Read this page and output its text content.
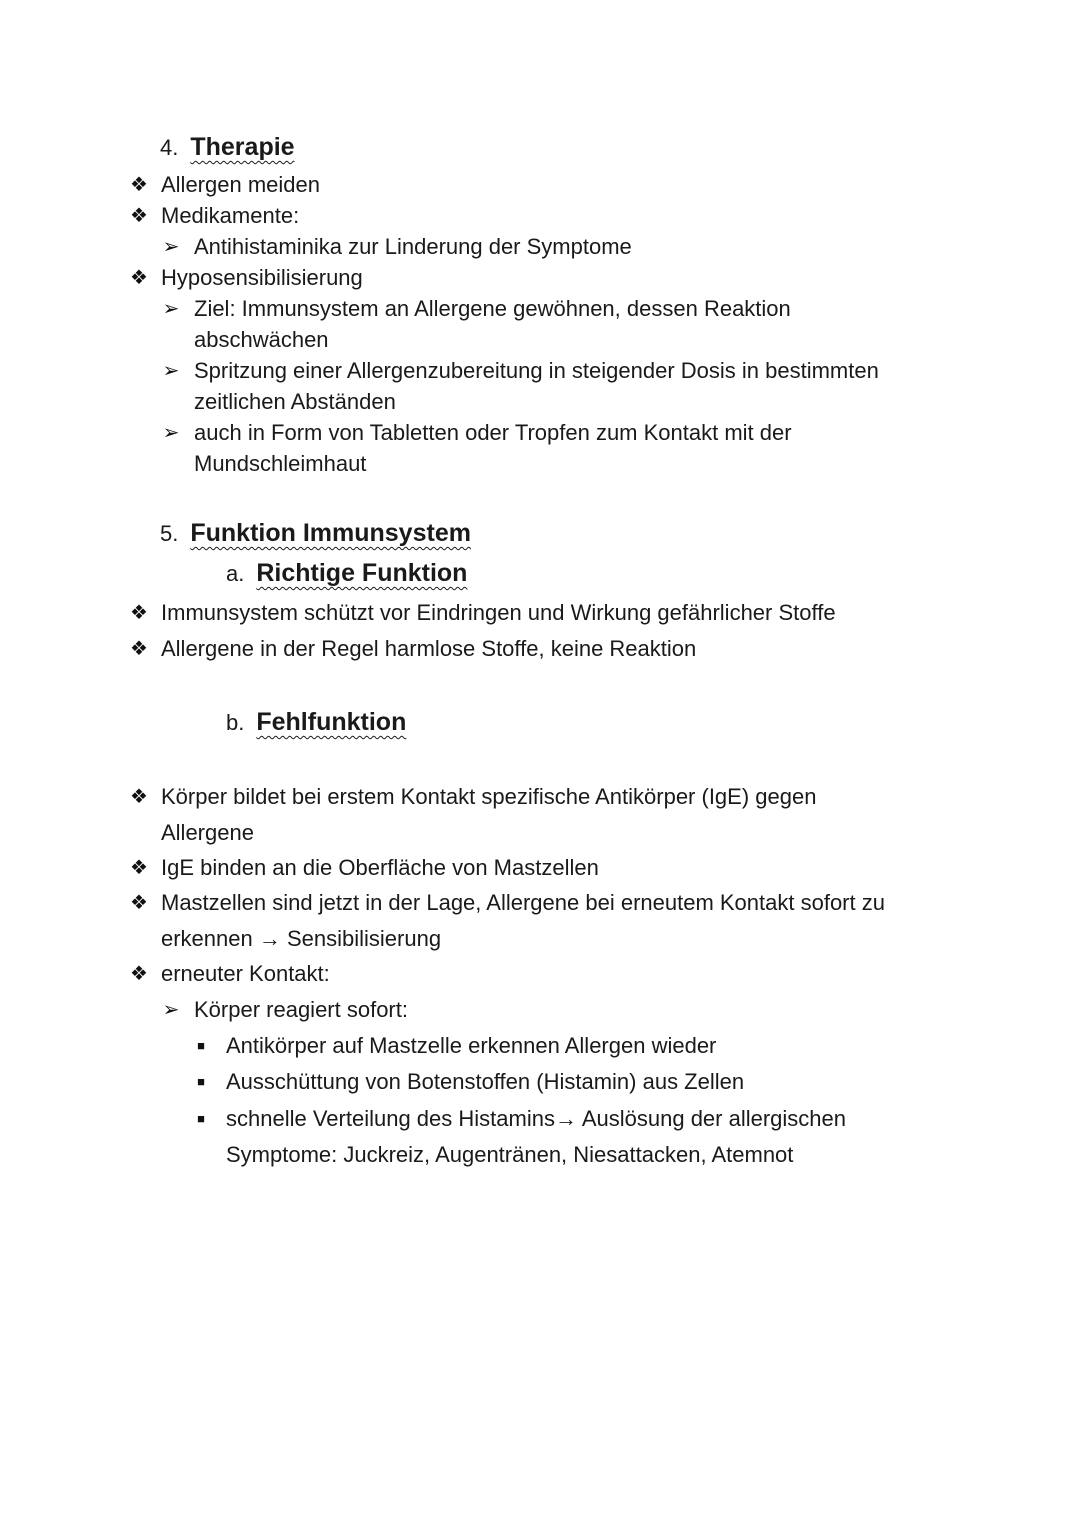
4. Therapie
❖ Allergen meiden
❖ Medikamente:
➢ Antihistaminika zur Linderung der Symptome
❖ Hyposensibilisierung
➢ Ziel: Immunsystem an Allergene gewöhnen, dessen Reaktion
abschwächen
➢ Spritzung einer Allergenzubereitung in steigender Dosis in bestimmten
zeitlichen Abständen
➢ auch in Form von Tabletten oder Tropfen zum Kontakt mit der
Mundschleimhaut
5. Funktion Immunsystem
a. Richtige Funktion
❖ Immunsystem schützt vor Eindringen und Wirkung gefährlicher Stoffe
❖ Allergene in der Regel harmlose Stoffe, keine Reaktion
b. Fehlfunktion
❖ Körper bildet bei erstem Kontakt spezifische Antikörper (IgE) gegen
Allergene
❖ IgE binden an die Oberfläche von Mastzellen
❖ Mastzellen sind jetzt in der Lage, Allergene bei erneutem Kontakt sofort zu
erkennen → Sensibilisierung
❖ erneuter Kontakt:
➢ Körper reagiert sofort:
■ Antikörper auf Mastzelle erkennen Allergen wieder
■ Ausschüttung von Botenstoffen (Histamin) aus Zellen
■ schnelle Verteilung des Histamins→ Auslösung der allergischen
Symptome: Juckreiz, Augentränen, Niesattacken, Atemnot
